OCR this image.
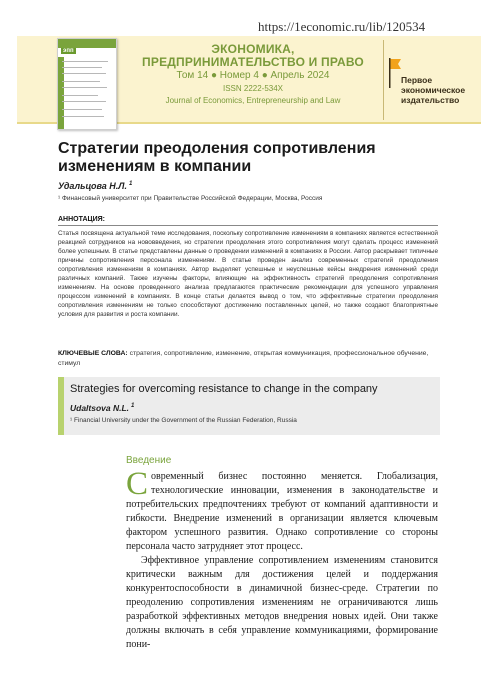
https://1economic.ru/lib/120534
эпп	ЭКОНОМИКА,
ПРЕДПРИНИМАТЕЛЬСТВО И ПРАВО
Том 14 ● Номер 4 ● Апрель 2024
ISSN 2222-534X
Journal of Economics, Entrepreneurship and Law
Первое
экономическое
издательство
Стратегии преодоления сопротивления изменениям в компании
Удальцова Н.Л. $^1$
¹ Финансовый университет при Правительстве Российской Федерации, Москва, Россия
АННОТАЦИЯ:
Статья посвящена актуальной теме исследования, поскольку сопротивление изменениям в компаниях является естественной реакцией сотрудников на нововведения, но стратегии преодоления этого сопротивления могут сделать процесс изменений более успешным. В статье представлены данные о проведении изменений в компаниях в России. Автор раскрывает типичные причины сопротивления персонала изменениям. В статье проведен анализ современных стратегий преодоления сопротивления изменениям в компаниях. Автор выделяет успешные и неуспешные кейсы внедрения изменений среди различных компаний. Также изучены факторы, влияющие на эффективность стратегий преодоления сопротивления изменениям. На основе проведенного анализа предлагаются практические рекомендации для успешного управления процессом изменений в компаниях. В конце статьи делается вывод о том, что эффективные стратегии преодоления сопротивления изменениям не только способствуют достижению поставленных целей, но также создают благоприятные условия для развития и роста компании.
КЛЮЧЕВЫЕ СЛОВА: стратегия, сопротивление, изменение, открытая коммуникация, профессиональное обучение, стимул
Strategies for overcoming resistance to change in the company
Udaltsova N.L. $^1$
¹ Financial University under the Government of the Russian Federation, Russia
Введение

Современный бизнес постоянно меняется. Глобализация, технологические инновации, изменения в законодательстве и потребительских предпочтениях требуют от компаний адаптивности и гибкости. Внедрение изменений в организации является ключевым фактором успешного развития. Однако сопротивление со стороны персонала часто затрудняет этот процесс.

Эффективное управление сопротивлением изменениям становится критически важным для достижения целей и поддержания конкурентоспособности в динамичной бизнес-среде. Стратегии по преодолению сопротивления изменениям не ограничиваются лишь разработкой эффективных методов внедрения новых идей. Они также должны включать в себя управление коммуникациями, формирование пони-
